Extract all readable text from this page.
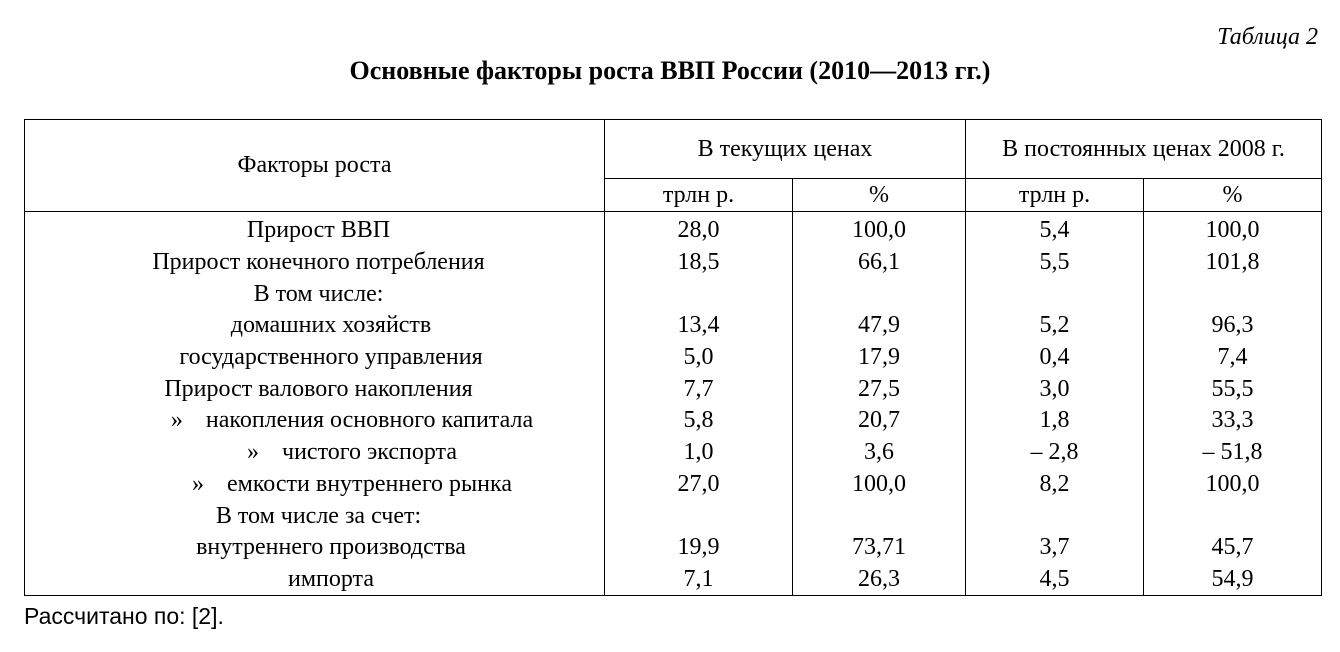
Таблица 2
Основные факторы роста ВВП России (2010—2013 гг.)
Факторы роста	В текущих ценах		В постоянных ценах 2008 г.	
	трлн р.	%	трлн р.	%
Прирост ВВП	28,0	100,0	5,4	100,0
Прирост конечного потребления	18,5	66,1	5,5	101,8
В том числе:				
домашних хозяйств	13,4	47,9	5,2	96,3
государственного управления	5,0	17,9	0,4	7,4
Прирост валового накопления	7,7	27,5	3,0	55,5
» накопления основного капитала	5,8	20,7	1,8	33,3
» чистого экспорта	1,0	3,6	– 2,8	– 51,8
» емкости внутреннего рынка	27,0	100,0	8,2	100,0
В том числе за счет:				
внутреннего производства	19,9	73,71	3,7	45,7
импорта	7,1	26,3	4,5	54,9
Рассчитано по: [2].
